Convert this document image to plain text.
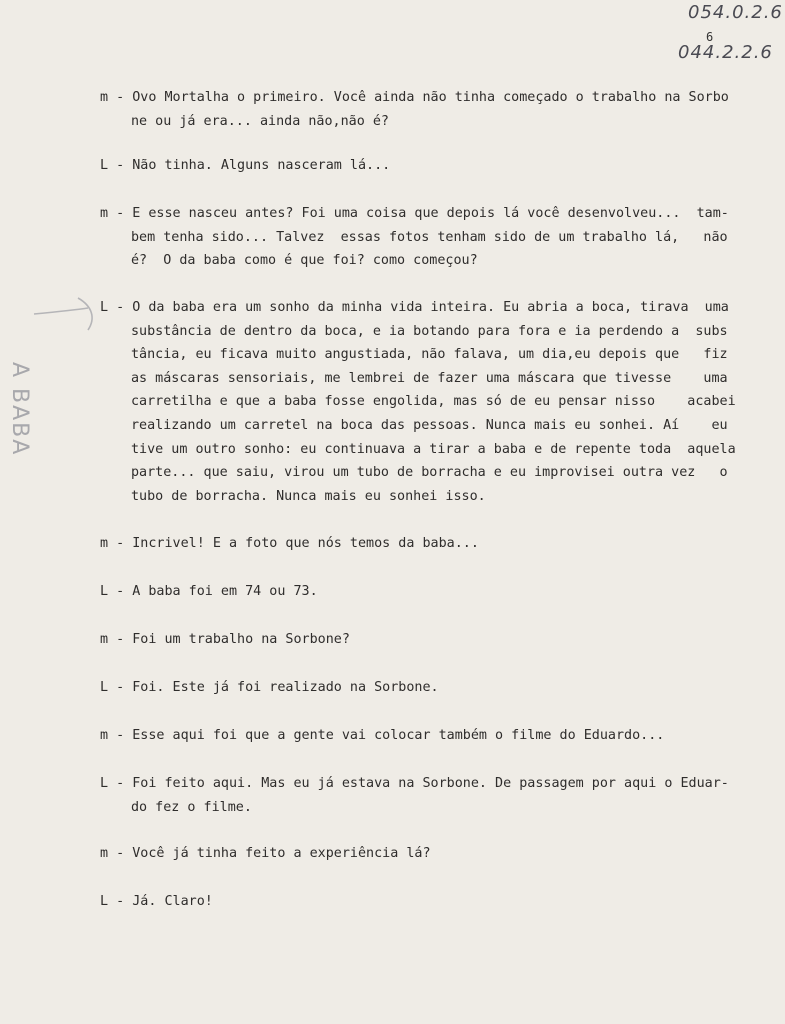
054.0.2.6
6
044.2.2.6
A BABA
m - Ovo Mortalha o primeiro. Você ainda não tinha começado o trabalho na Sorbo
ne ou já era... ainda não,não é?
L - Não tinha. Alguns nasceram lá...
m - E esse nasceu antes? Foi uma coisa que depois lá você desenvolveu...  tam-
bem tenha sido... Talvez  essas fotos tenham sido de um trabalho lá,   não
é?  O da baba como é que foi? como começou?
L - O da baba era um sonho da minha vida inteira. Eu abria a boca, tirava  uma
substância de dentro da boca, e ia botando para fora e ia perdendo a  subs
tância, eu ficava muito angustiada, não falava, um dia,eu depois que   fiz
as máscaras sensoriais, me lembrei de fazer uma máscara que tivesse    uma
carretilha e que a baba fosse engolida, mas só de eu pensar nisso    acabei
realizando um carretel na boca das pessoas. Nunca mais eu sonhei. Aí    eu
tive um outro sonho: eu continuava a tirar a baba e de repente toda  aquela
parte... que saiu, virou um tubo de borracha e eu improvisei outra vez   o
tubo de borracha. Nunca mais eu sonhei isso.
m - Incrivel! E a foto que nós temos da baba...
L - A baba foi em 74 ou 73.
m - Foi um trabalho na Sorbone?
L - Foi. Este já foi realizado na Sorbone.
m - Esse aqui foi que a gente vai colocar também o filme do Eduardo...
L - Foi feito aqui. Mas eu já estava na Sorbone. De passagem por aqui o Eduar-
do fez o filme.
m - Você já tinha feito a experiência lá?
L - Já. Claro!
